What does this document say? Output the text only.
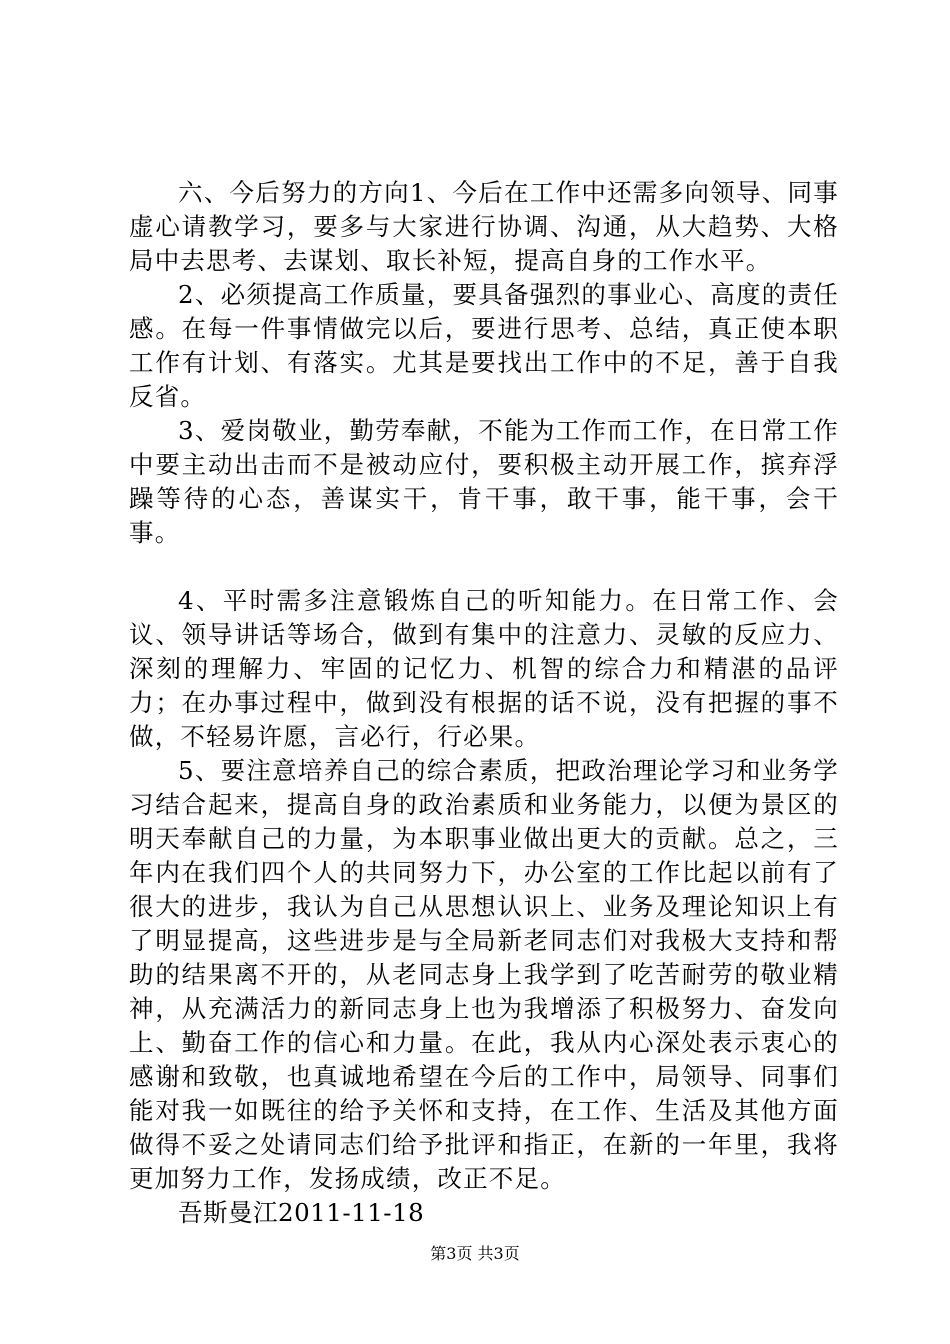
六、今后努力的方向1、今后在工作中还需多向领导、同事虚心请教学习，要多与大家进行协调、沟通，从大趋势、大格局中去思考、去谋划、取长补短，提高自身的工作水平。

2、必须提高工作质量，要具备强烈的事业心、高度的责任感。在每一件事情做完以后，要进行思考、总结，真正使本职工作有计划、有落实。尤其是要找出工作中的不足，善于自我反省。

3、爱岗敬业，勤劳奉献，不能为工作而工作，在日常工作中要主动出击而不是被动应付，要积极主动开展工作，摈弃浮躁等待的心态，善谋实干，肯干事，敢干事，能干事，会干事。

4、平时需多注意锻炼自己的听知能力。在日常工作、会议、领导讲话等场合，做到有集中的注意力、灵敏的反应力、深刻的理解力、牢固的记忆力、机智的综合力和精湛的品评力；在办事过程中，做到没有根据的话不说，没有把握的事不做，不轻易许愿，言必行，行必果。

5、要注意培养自己的综合素质，把政治理论学习和业务学习结合起来，提高自身的政治素质和业务能力，以便为景区的明天奉献自己的力量，为本职事业做出更大的贡献。总之，三年内在我们四个人的共同努力下，办公室的工作比起以前有了很大的进步，我认为自己从思想认识上、业务及理论知识上有了明显提高，这些进步是与全局新老同志们对我极大支持和帮助的结果离不开的，从老同志身上我学到了吃苦耐劳的敬业精神，从充满活力的新同志身上也为我增添了积极努力、奋发向上、勤奋工作的信心和力量。在此，我从内心深处表示衷心的感谢和致敬，也真诚地希望在今后的工作中，局领导、同事们能对我一如既往的给予关怀和支持，在工作、生活及其他方面做得不妥之处请同志们给予批评和指正，在新的一年里，我将更加努力工作，发扬成绩，改正不足。

吾斯曼江2011-11-18

第3页 共3页
